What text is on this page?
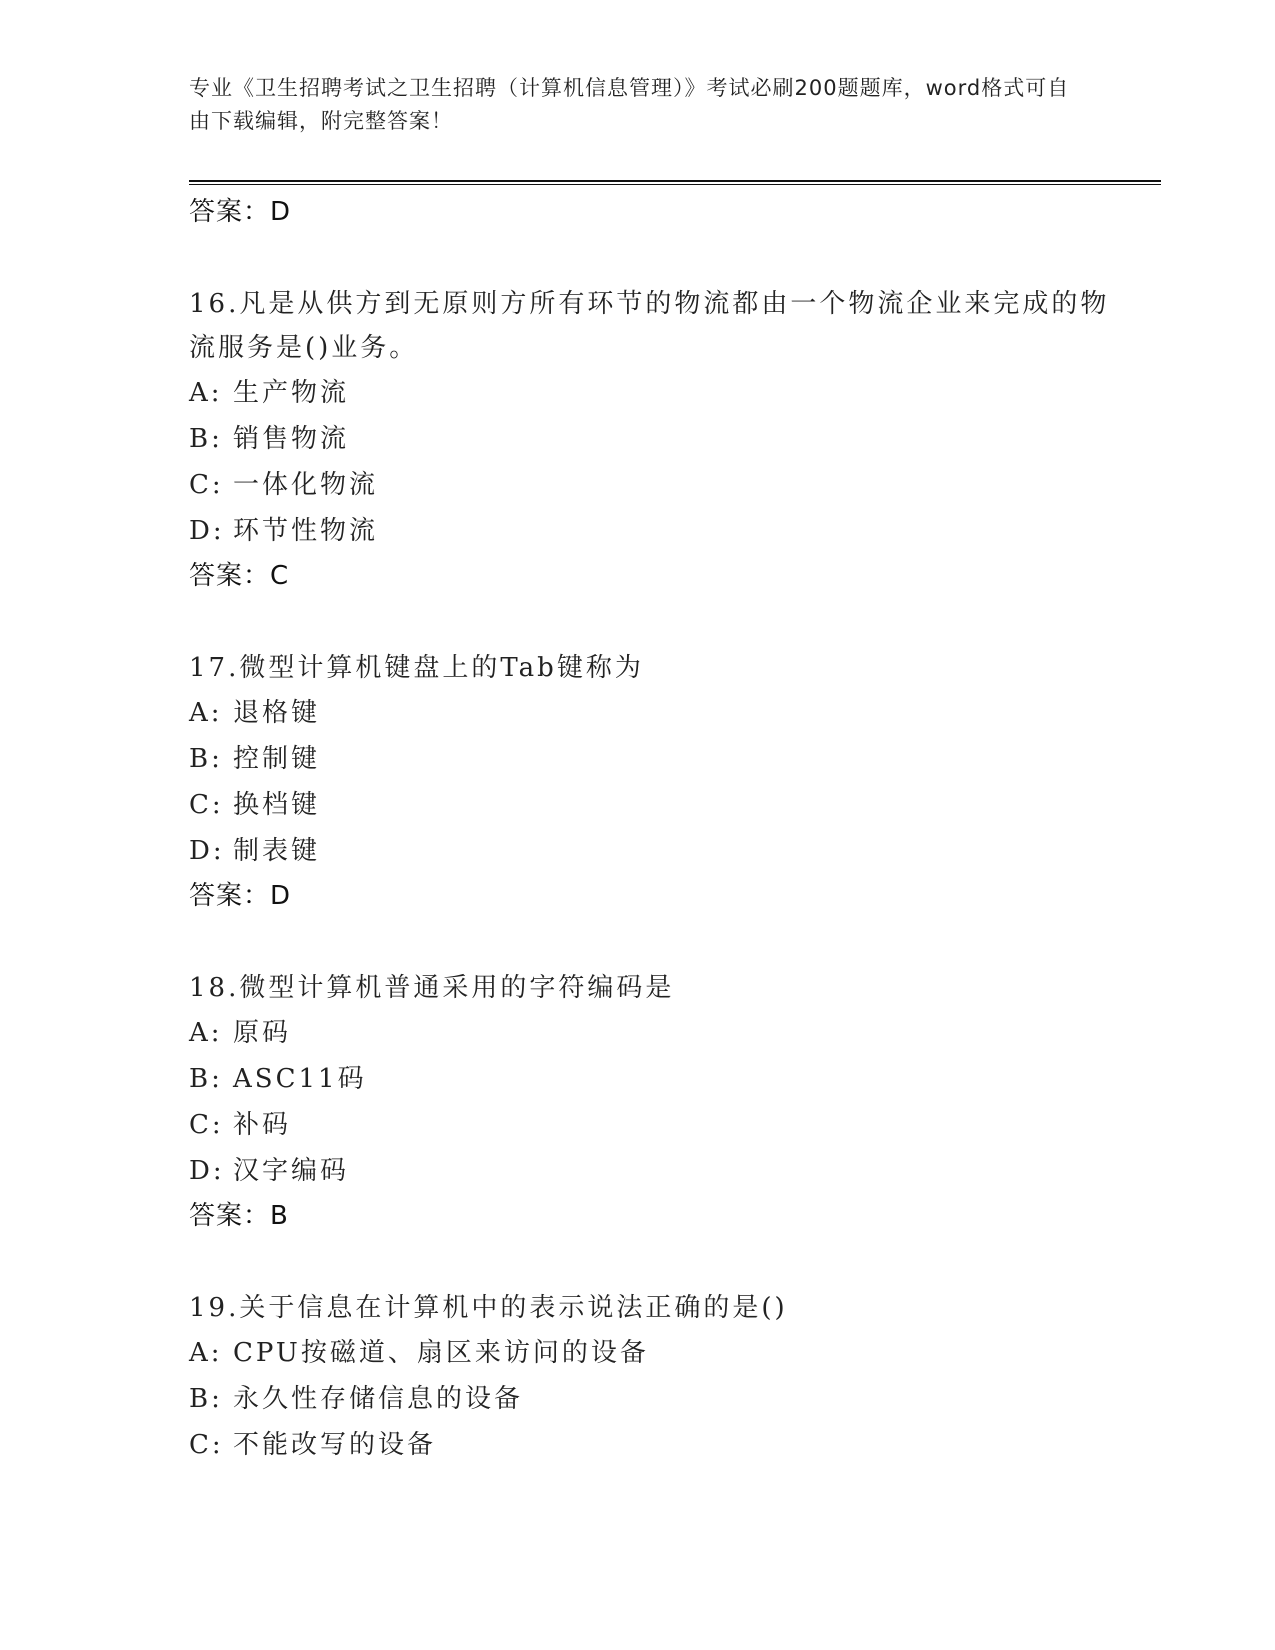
专业《卫生招聘考试之卫生招聘（计算机信息管理）》考试必刷200题题库，word格式可自由下载编辑，附完整答案！
答案：D
16.凡是从供方到无原则方所有环节的物流都由一个物流企业来完成的物流服务是()业务。
A: 生产物流
B: 销售物流
C: 一体化物流
D: 环节性物流
答案：C
17.微型计算机键盘上的Tab键称为
A: 退格键
B: 控制键
C: 换档键
D: 制表键
答案：D
18.微型计算机普通采用的字符编码是
A: 原码
B: ASC11码
C: 补码
D: 汉字编码
答案：B
19.关于信息在计算机中的表示说法正确的是()
A: CPU按磁道、扇区来访问的设备
B: 永久性存储信息的设备
C: 不能改写的设备
